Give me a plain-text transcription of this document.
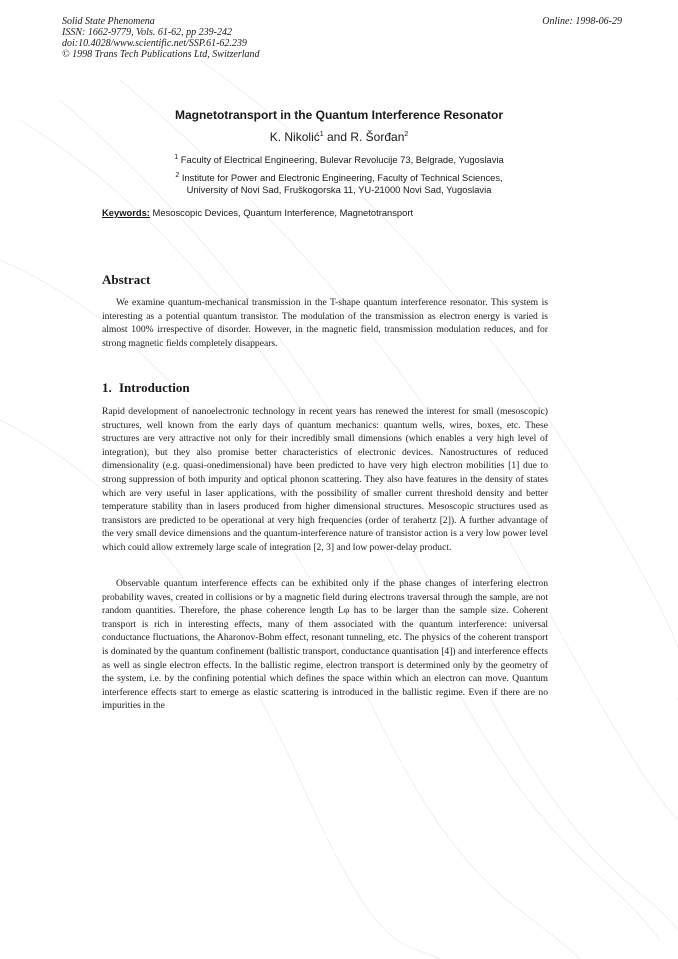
Solid State Phenomena
ISSN: 1662-9779, Vols. 61-62, pp 239-242
doi:10.4028/www.scientific.net/SSP.61-62.239
© 1998 Trans Tech Publications Ltd, Switzerland
Online: 1998-06-29
Magnetotransport in the Quantum Interference Resonator
K. Nikolić$^1$ and R. Šorđan$^2$
$^1$ Faculty of Electrical Engineering, Bulevar Revolucije 73, Belgrade, Yugoslavia
$^2$ Institute for Power and Electronic Engineering, Faculty of Technical Sciences,
University of Novi Sad, Fruškogorska 11, YU-21000 Novi Sad, Yugoslavia
Keywords: Mesoscopic Devices, Quantum Interference, Magnetotransport
Abstract

We examine quantum-mechanical transmission in the T-shape quantum interference resonator. This system is interesting as a potential quantum transistor. The modulation of the transmission as electron energy is varied is almost 100% irrespective of disorder. However, in the magnetic field, transmission modulation reduces, and for strong magnetic fields completely disappears.

1. Introduction

Rapid development of nanoelectronic technology in recent years has renewed the interest for small (mesoscopic) structures, well known from the early days of quantum mechanics: quantum wells, wires, boxes, etc. These structures are very attractive not only for their incredibly small dimensions (which enables a very high level of integration), but they also promise better characteristics of electronic devices. Nanostructures of reduced dimensionality (e.g. quasi-onedimensional) have been predicted to have very high electron mobilities [1] due to strong suppression of both impurity and optical phonon scattering. They also have features in the density of states which are very useful in laser applications, with the possibility of smaller current threshold density and better temperature stability than in lasers produced from higher dimensional structures. Mesoscopic structures used as transistors are predicted to be operational at very high frequencies (order of terahertz [2]). A further advantage of the very small device dimensions and the quantum-interference nature of transistor action is a very low power level which could allow extremely large scale of integration [2, 3] and low power-delay product.

Observable quantum interference effects can be exhibited only if the phase changes of interfering electron probability waves, created in collisions or by a magnetic field during electrons traversal through the sample, are not random quantities. Therefore, the phase coherence length Lφ has to be larger than the sample size. Coherent transport is rich in interesting effects, many of them associated with the quantum interference: universal conductance fluctuations, the Aharonov-Bohm effect, resonant tunneling, etc. The physics of the coherent transport is dominated by the quantum confinement (ballistic transport, conductance quantisation [4]) and interference effects as well as single electron effects. In the ballistic regime, electron transport is determined only by the geometry of the system, i.e. by the confining potential which defines the space within which an electron can move. Quantum interference effects start to emerge as elastic scattering is introduced in the ballistic regime. Even if there are no impurities in the
